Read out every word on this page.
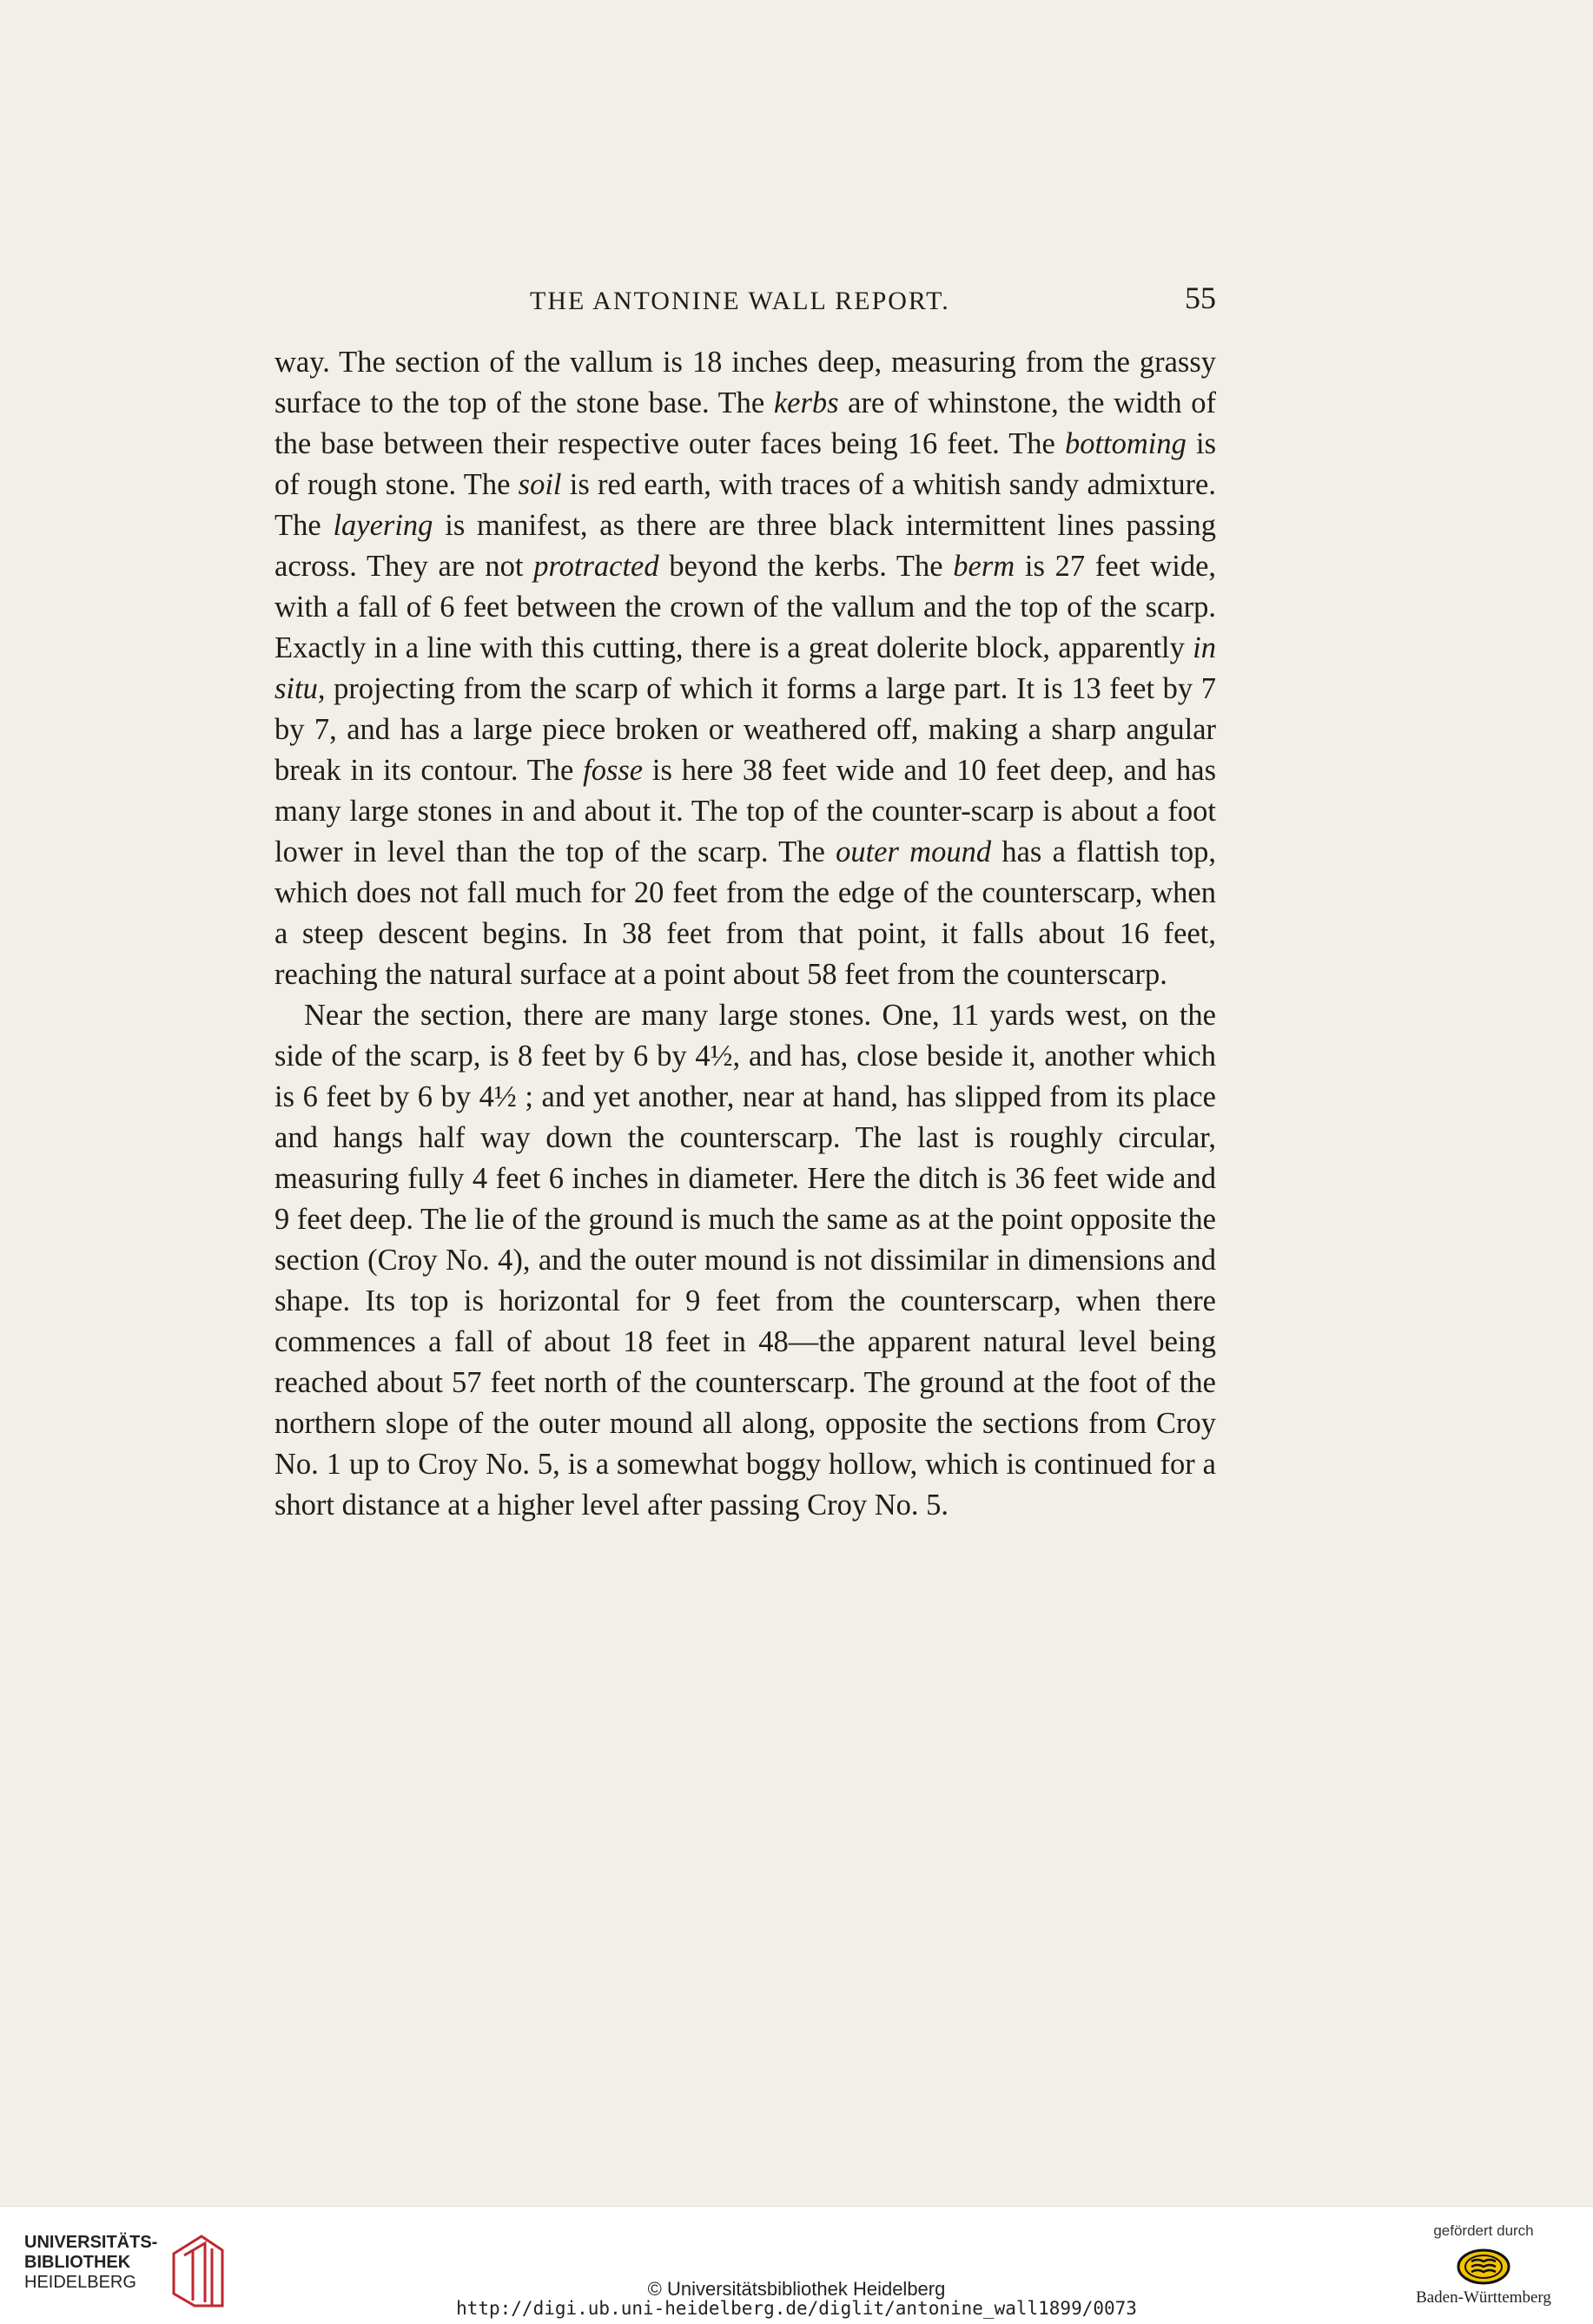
THE ANTONINE WALL REPORT.	55

way. The section of the vallum is 18 inches deep, measuring from the grassy surface to the top of the stone base. The kerbs are of whinstone, the width of the base between their respective outer faces being 16 feet. The bottoming is of rough stone. The soil is red earth, with traces of a whitish sandy admixture. The layering is manifest, as there are three black intermittent lines passing across. They are not protracted beyond the kerbs. The berm is 27 feet wide, with a fall of 6 feet between the crown of the vallum and the top of the scarp. Exactly in a line with this cutting, there is a great dolerite block, apparently in situ, projecting from the scarp of which it forms a large part. It is 13 feet by 7 by 7, and has a large piece broken or weathered off, making a sharp angular break in its contour. The fosse is here 38 feet wide and 10 feet deep, and has many large stones in and about it. The top of the counter-scarp is about a foot lower in level than the top of the scarp. The outer mound has a flattish top, which does not fall much for 20 feet from the edge of the counterscarp, when a steep descent begins. In 38 feet from that point, it falls about 16 feet, reaching the natural surface at a point about 58 feet from the counterscarp.

Near the section, there are many large stones. One, 11 yards west, on the side of the scarp, is 8 feet by 6 by 4½, and has, close beside it, another which is 6 feet by 6 by 4½ ; and yet another, near at hand, has slipped from its place and hangs half way down the counterscarp. The last is roughly circular, measuring fully 4 feet 6 inches in diameter. Here the ditch is 36 feet wide and 9 feet deep. The lie of the ground is much the same as at the point opposite the section (Croy No. 4), and the outer mound is not dissimilar in dimensions and shape. Its top is horizontal for 9 feet from the counterscarp, when there commences a fall of about 18 feet in 48—the apparent natural level being reached about 57 feet north of the counterscarp. The ground at the foot of the northern slope of the outer mound all along, opposite the sections from Croy No. 1 up to Croy No. 5, is a somewhat boggy hollow, which is continued for a short distance at a higher level after passing Croy No. 5.

UNIVERSITÄTS-
BIBLIOTHEK
HEIDELBERG	© Universitätsbibliothek Heidelberg
http://digi.ub.uni-heidelberg.de/diglit/antonine_wall1899/0073
gefördert durch
Baden-Württemberg
